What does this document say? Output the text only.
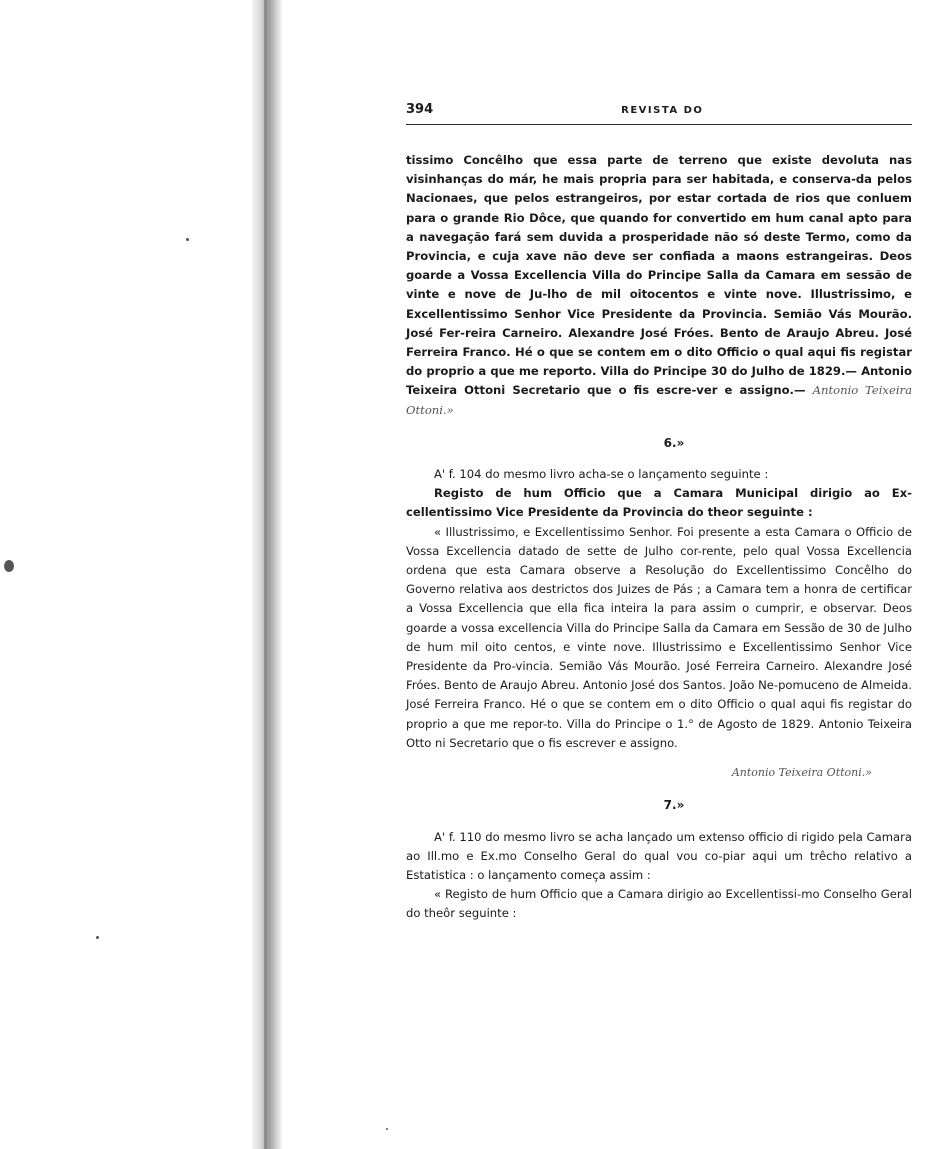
394	REVISTA DO

tissimo Concêlho que essa parte de terreno que existe devoluta nas visinhanças do már, he mais propria para ser habitada, e conserva-da pelos Nacionaes, que pelos estrangeiros, por estar cortada de rios que conluem para o grande Rio Dôce, que quando for convertido em hum canal apto para a navegação fará sem duvida a prosperidade não só deste Termo, como da Provincia, e cuja xave não deve ser confiada a maons estrangeiras. Deos goarde a Vossa Excellencia Villa do Principe Salla da Camara em sessão de vinte e nove de Ju-lho de mil oitocentos e vinte nove. Illustrissimo, e Excellentissimo Senhor Vice Presidente da Provincia. Semião Vás Mourão. José Fer-reira Carneiro. Alexandre José Fróes. Bento de Araujo Abreu. José Ferreira Franco. Hé o que se contem em o dito Officio o qual aqui fis registar do proprio a que me reporto. Villa do Principe 30 do Julho de 1829.— Antonio Teixeira Ottoni Secretario que o fis escre-ver e assigno.— Antonio Teixeira Ottoni.»

6.»

A' f. 104 do mesmo livro acha-se o lançamento seguinte :

Registo de hum Officio que a Camara Municipal dirigio ao Ex-cellentissimo Vice Presidente da Provincia do theor seguinte :

« Illustrissimo, e Excellentissimo Senhor. Foi presente a esta Camara o Officio de Vossa Excellencia datado de sette de Julho cor-rente, pelo qual Vossa Excellencia ordena que esta Camara observe a Resolução do Excellentissimo Concêlho do Governo relativa aos destrictos dos Juizes de Pás ; a Camara tem a honra de certificar a Vossa Excellencia que ella fica inteira la para assim o cumprir, e observar. Deos goarde a vossa excellencia Villa do Principe Salla da Camara em Sessão de 30 de Julho de hum mil oito centos, e vinte nove. Illustrissimo e Excellentissimo Senhor Vice Presidente da Pro-vincia. Semião Vás Mourão. José Ferreira Carneiro. Alexandre José Fróes. Bento de Araujo Abreu. Antonio José dos Santos. João Ne-pomuceno de Almeida. José Ferreira Franco. Hé o que se contem em o dito Officio o qual aqui fis registar do proprio a que me repor-to. Villa do Principe o 1.° de Agosto de 1829. Antonio Teixeira Otto ni Secretario que o fis escrever e assigno.

Antonio Teixeira Ottoni.»
7.»

A' f. 110 do mesmo livro se acha lançado um extenso officio di rigido pela Camara ao Ill.mo e Ex.mo Conselho Geral do qual vou co-piar aqui um trêcho relativo a Estatistica : o lançamento começa assim :

« Registo de hum Officio que a Camara dirigio ao Excellentissi-mo Conselho Geral do theôr seguinte :
